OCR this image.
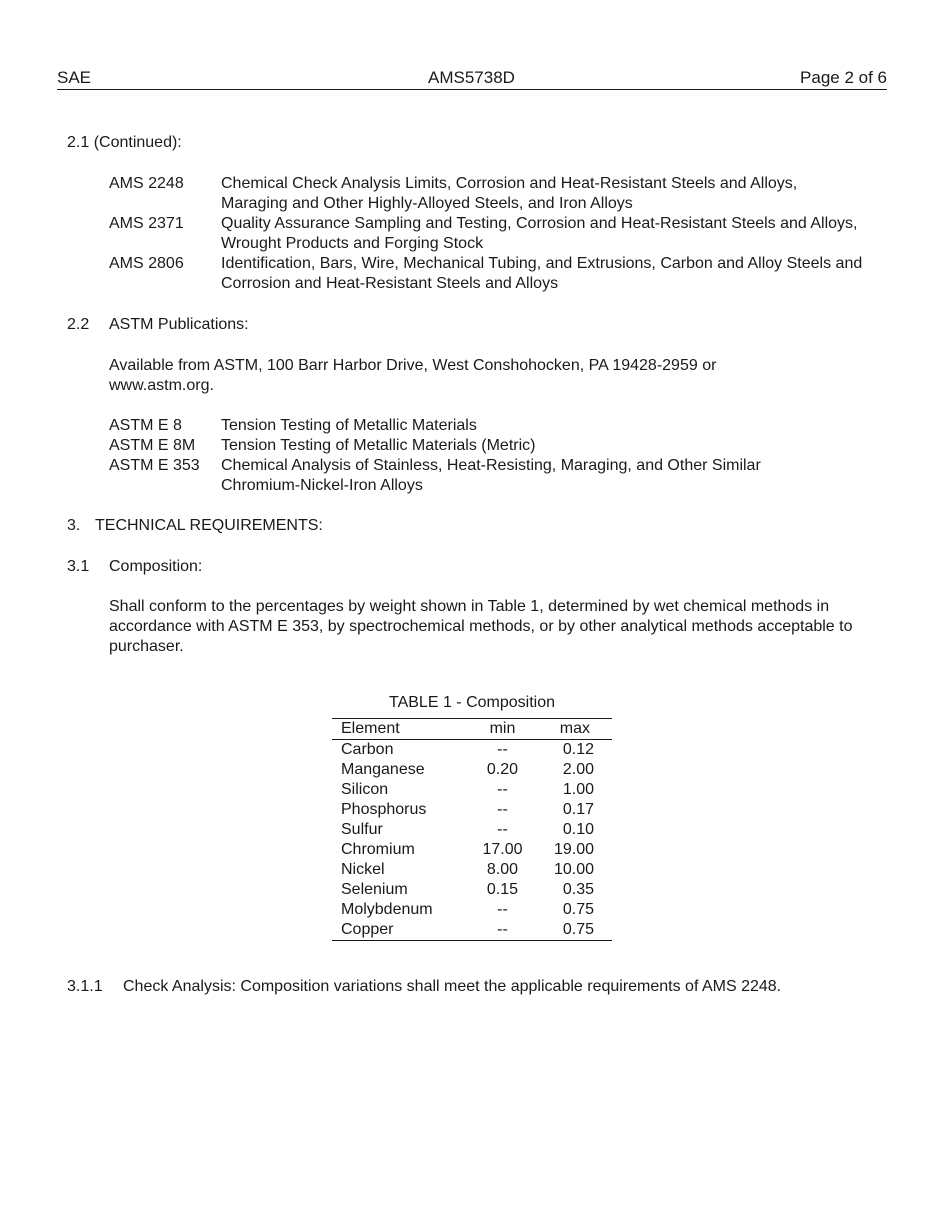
SAE	AMS5738D	Page 2 of 6
2.1 (Continued):
AMS 2248 Chemical Check Analysis Limits, Corrosion and Heat-Resistant Steels and Alloys, Maraging and Other Highly-Alloyed Steels, and Iron Alloys
AMS 2371 Quality Assurance Sampling and Testing, Corrosion and Heat-Resistant Steels and Alloys, Wrought Products and Forging Stock
AMS 2806 Identification, Bars, Wire, Mechanical Tubing, and Extrusions, Carbon and Alloy Steels and Corrosion and Heat-Resistant Steels and Alloys
2.2 ASTM Publications:
Available from ASTM, 100 Barr Harbor Drive, West Conshohocken, PA 19428-2959 or www.astm.org.
ASTM E 8 Tension Testing of Metallic Materials
ASTM E 8M Tension Testing of Metallic Materials (Metric)
ASTM E 353 Chemical Analysis of Stainless, Heat-Resisting, Maraging, and Other Similar Chromium-Nickel-Iron Alloys
3. TECHNICAL REQUIREMENTS:
3.1 Composition:
Shall conform to the percentages by weight shown in Table 1, determined by wet chemical methods in accordance with ASTM E 353, by spectrochemical methods, or by other analytical methods acceptable to purchaser.
TABLE 1 - Composition
Element	min	max
Carbon	--	0.12
Manganese	0.20	2.00
Silicon	--	1.00
Phosphorus	--	0.17
Sulfur	--	0.10
Chromium	17.00	19.00
Nickel	8.00	10.00
Selenium	0.15	0.35
Molybdenum	--	0.75
Copper	--	0.75
3.1.1 Check Analysis: Composition variations shall meet the applicable requirements of AMS 2248.
